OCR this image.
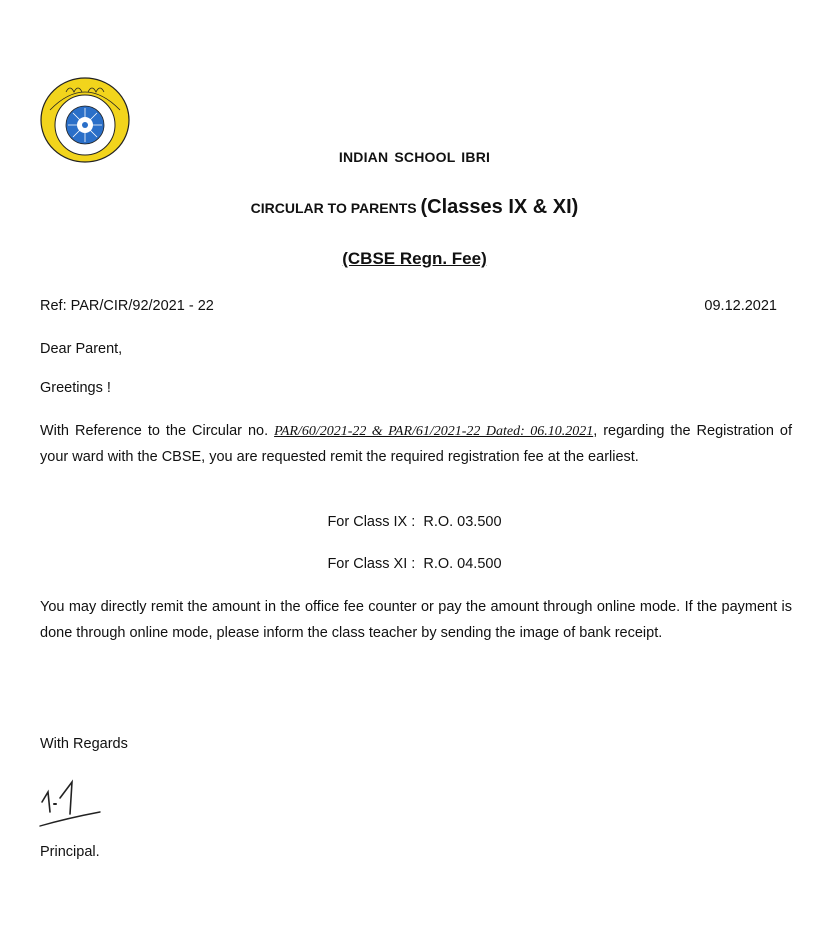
INDIAN SCHOOL IBRI
CIRCULAR TO PARENTS (Classes IX & XI)
(CBSE Regn. Fee)
Ref: PAR/CIR/92/2021 - 22	09.12.2021
Dear Parent,
Greetings !
With Reference to the Circular no. PAR/60/2021-22 & PAR/61/2021-22 Dated: 06.10.2021, regarding the Registration of your ward with the CBSE, you are requested remit the required registration fee at the earliest.
For Class IX : R.O. 03.500
For Class XI : R.O. 04.500
You may directly remit the amount in the office fee counter or pay the amount through online mode. If the payment is done through online mode, please inform the class teacher by sending the image of bank receipt.
With Regards
Principal.
